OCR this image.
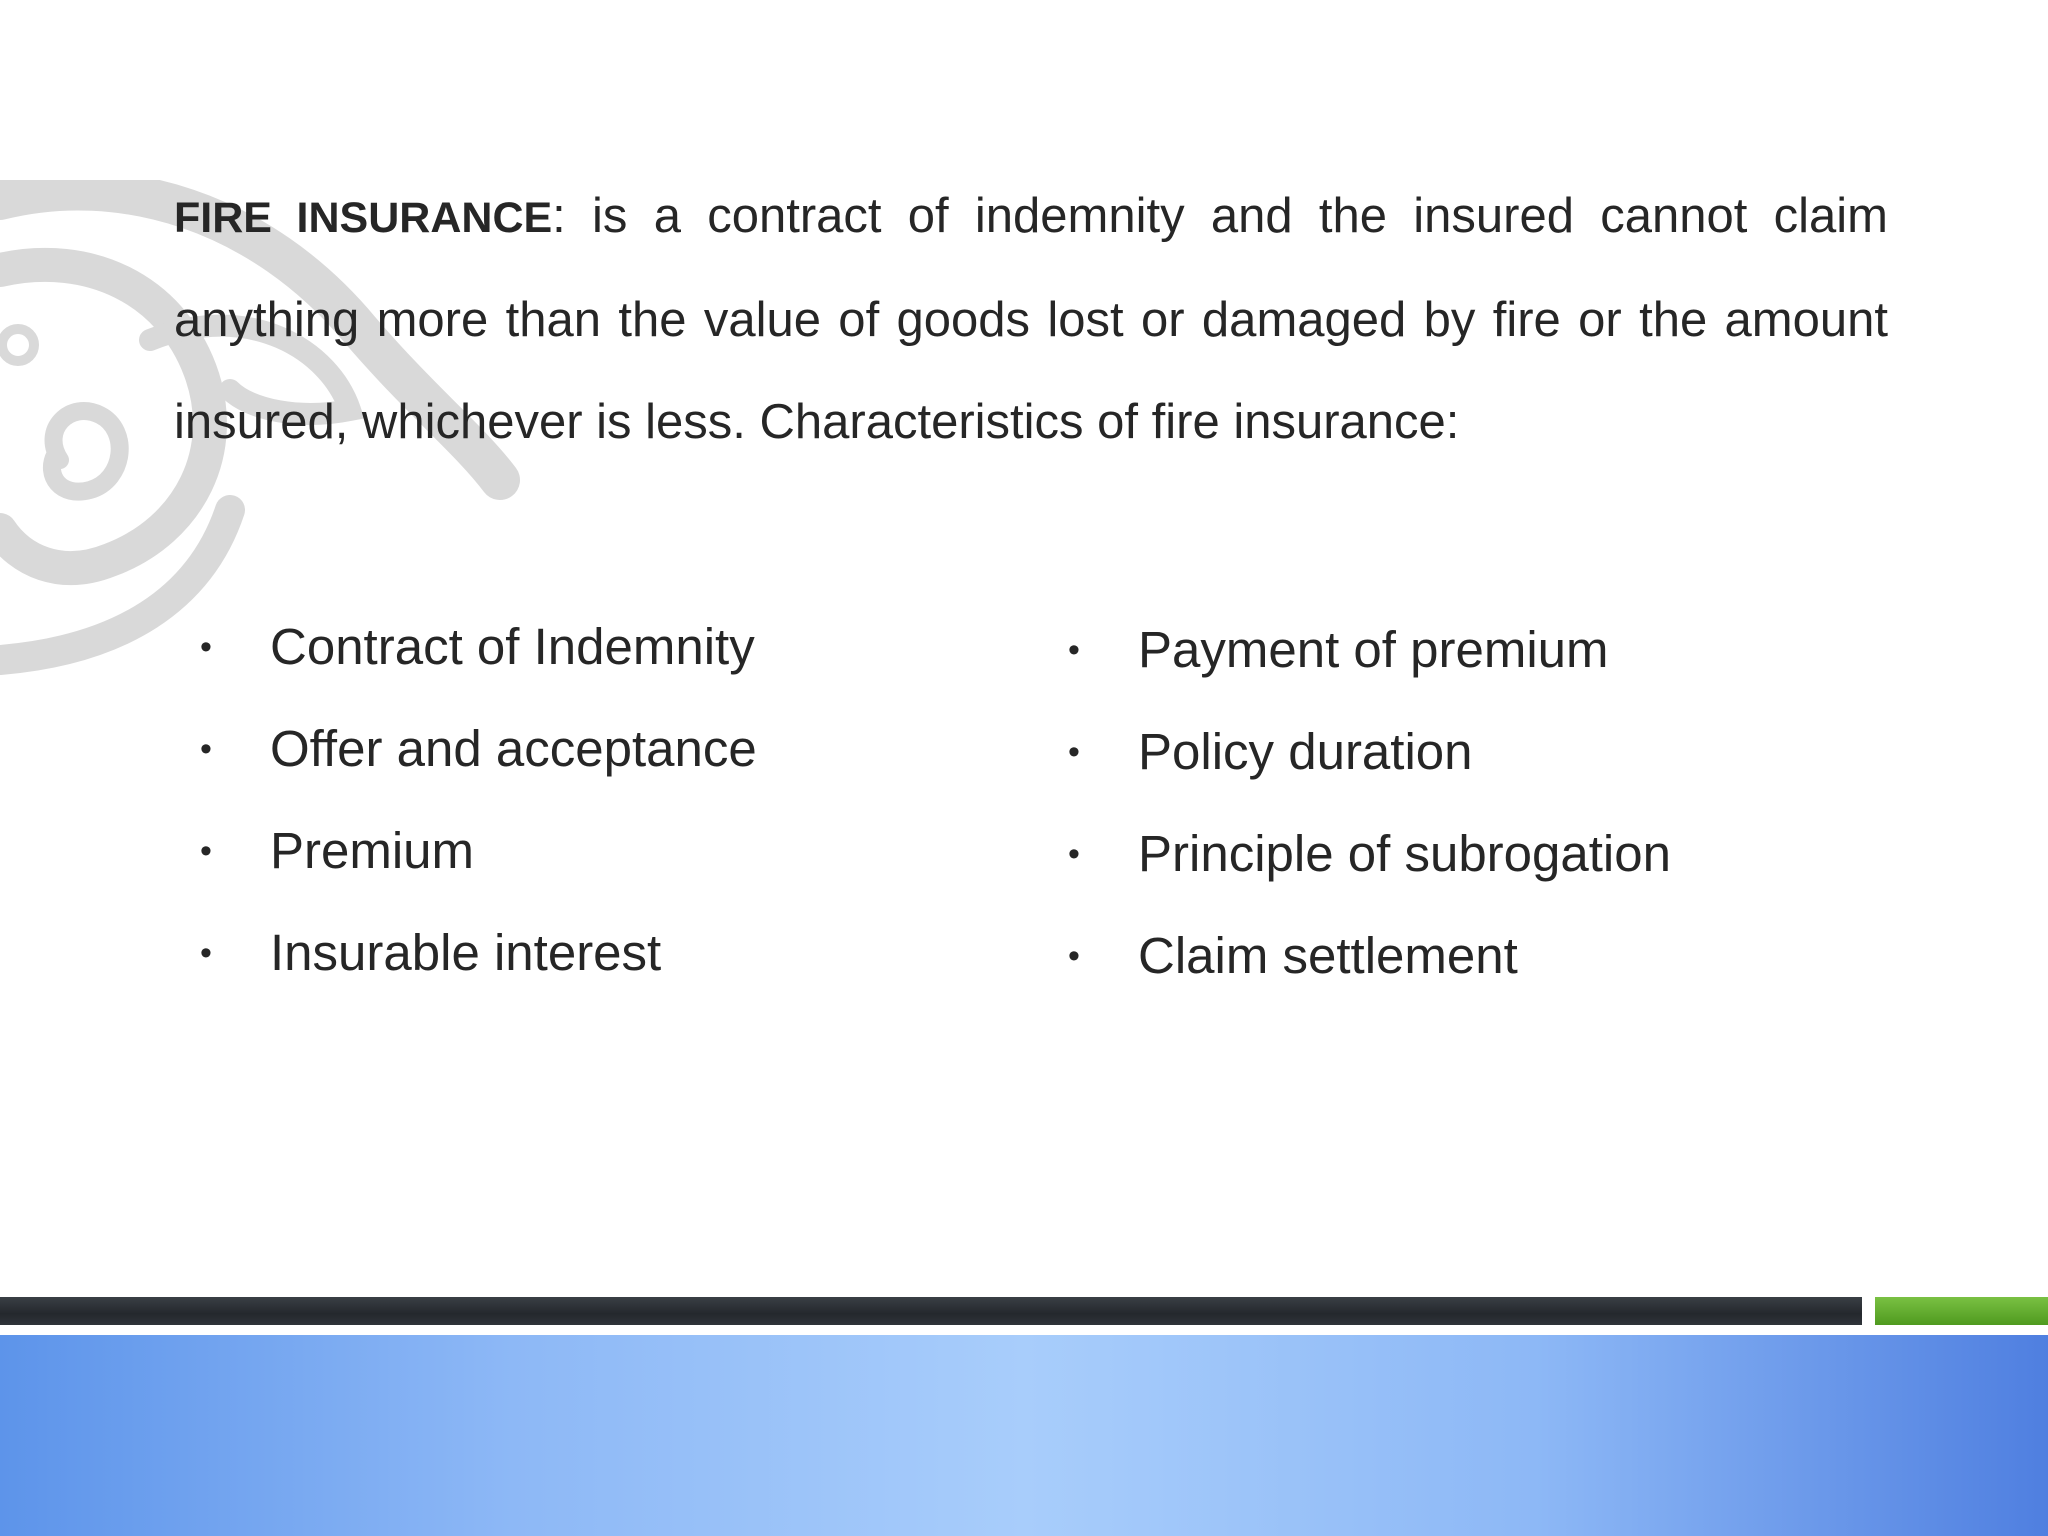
FIRE INSURANCE: is a contract of indemnity and the insured cannot claim anything more than the value of goods lost or damaged by fire or the amount insured, whichever is less. Characteristics of fire insurance:

• Contract of Indemnity
• Offer and acceptance
• Premium
• Insurable interest
• Payment of premium
• Policy duration
• Principle of subrogation
• Claim settlement
